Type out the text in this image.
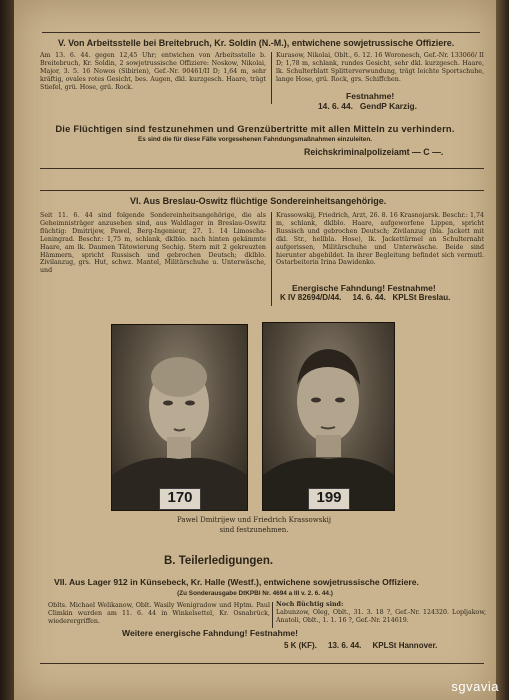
V. Von Arbeitsstelle bei Breitebruch, Kr. Soldin (N.-M.), entwichene sowjetrussische Offiziere.
Am 13. 6. 44. gegen 12,45 Uhr; entwichen von Arbeitsstelle b. Breitebruch, Kr. Soldin, 2 sowjetrussische Offiziere: Noskow, Nikolai, Major, 3. 5. 16 Nowos (Sibirien), Gef.-Nr. 90461/II D; 1,64 m, sehr kräftig, ovales rotes Gesicht, bes. Augen, dkl. kurzgesch. Haare, trägt Stiefel, grü. Hose, grü. Rock.
Kurasow, Nikolai, Oblt., 6. 12. 16 Woronesch, Gef.-Nr. 133066/ II D; 1,78 m, schlank, rundes Gesicht, sehr dkl. kurzgesch. Haare, lk. Schulterblatt Splitterverwundung, trägt leichte Sportschuhe, lange Hose, grü. Rock, grs. Schiffchen.
Festnahme!
14. 6. 44.   GendP Karzig.
Die Flüchtigen sind festzunehmen und Grenzübertritte mit allen Mitteln zu verhindern.
Es sind die für diese Fälle vorgesehenen Fahndungsmaßnahmen einzuleiten.
Reichskriminalpolizeiamt — C —.
VI. Aus Breslau-Oswitz flüchtige Sondereinheitsangehörige.
Seit 11. 6. 44 sind folgende Sondereinheitsangehörige, die als Geheimnisträger anzusehen sind, aus Waldlager in Breslau-Oswitz flüchtig: Dmitrijew, Pawel, Berg-Ingenieur, 27. 1. 14 Limoscha-Leningrad. Beschr.: 1,75 m, schlank, dklblo. nach hinten gekämmte Haare, am lk. Daumen Tätowierung Sechig. Stern mit 2 gekreuzten Hämmern, spricht Russisch und gebrochen Deutsch; dklblo. Zivilanzug, grs. Hut, schwz. Mantel, Militärschuhe u. Unterwäsche, und
Krassowskij, Friedrich, Arzt, 26. 8. 16 Krasnojarsk. Beschr.: 1,74 m, schlank, dklblo. Haare, aufgeworfene Lippen, spricht Russisch und gebrochen Deutsch; Zivilanzug (bla. Jackett mit dkl. Str., hellbla. Hose), lk. Jackettärmel an Schulternaht aufgerissen, Militärschuhe und Unterwäsche. Beide sind hierunter abgebildet. In ihrer Begleitung befindet sich vermutl. Ostarbeiterin Irina Dawidenko.
Energische Fahndung! Festnahme!
K IV 82694/D/44.     14. 6. 44.   KPLSt Breslau.
170	199
Pawel Dmitrijew und Friedrich Krassowskij
sind festzunehmen.
B. Teilerledigungen.
VII. Aus Lager 912 in Künsebeck, Kr. Halle (Westf.), entwichene sowjetrussische Offiziere.
(Zu Sonderausgabe DtKPBl Nr. 4694 a III v. 2. 6. 44.)
Oblts. Michael Welikanow, Oblt. Wasily Wenigradow und Hptm. Paul Climkin wurden am 11. 6. 44 in Winkelsettel, Kr. Osnabrück, wiederergriffen.
Noch flüchtig sind:
Labunzow, Oleg, Oblt., 31. 3. 18 ?, Gef.-Nr. 124320. Lopljakow, Anatoli, Oblt., 1. 1. 16 ?, Gef.-Nr. 214619.
Weitere energische Fahndung! Festnahme!
5 K (KF).     13. 6. 44.     KPLSt Hannover.
sgvavia
